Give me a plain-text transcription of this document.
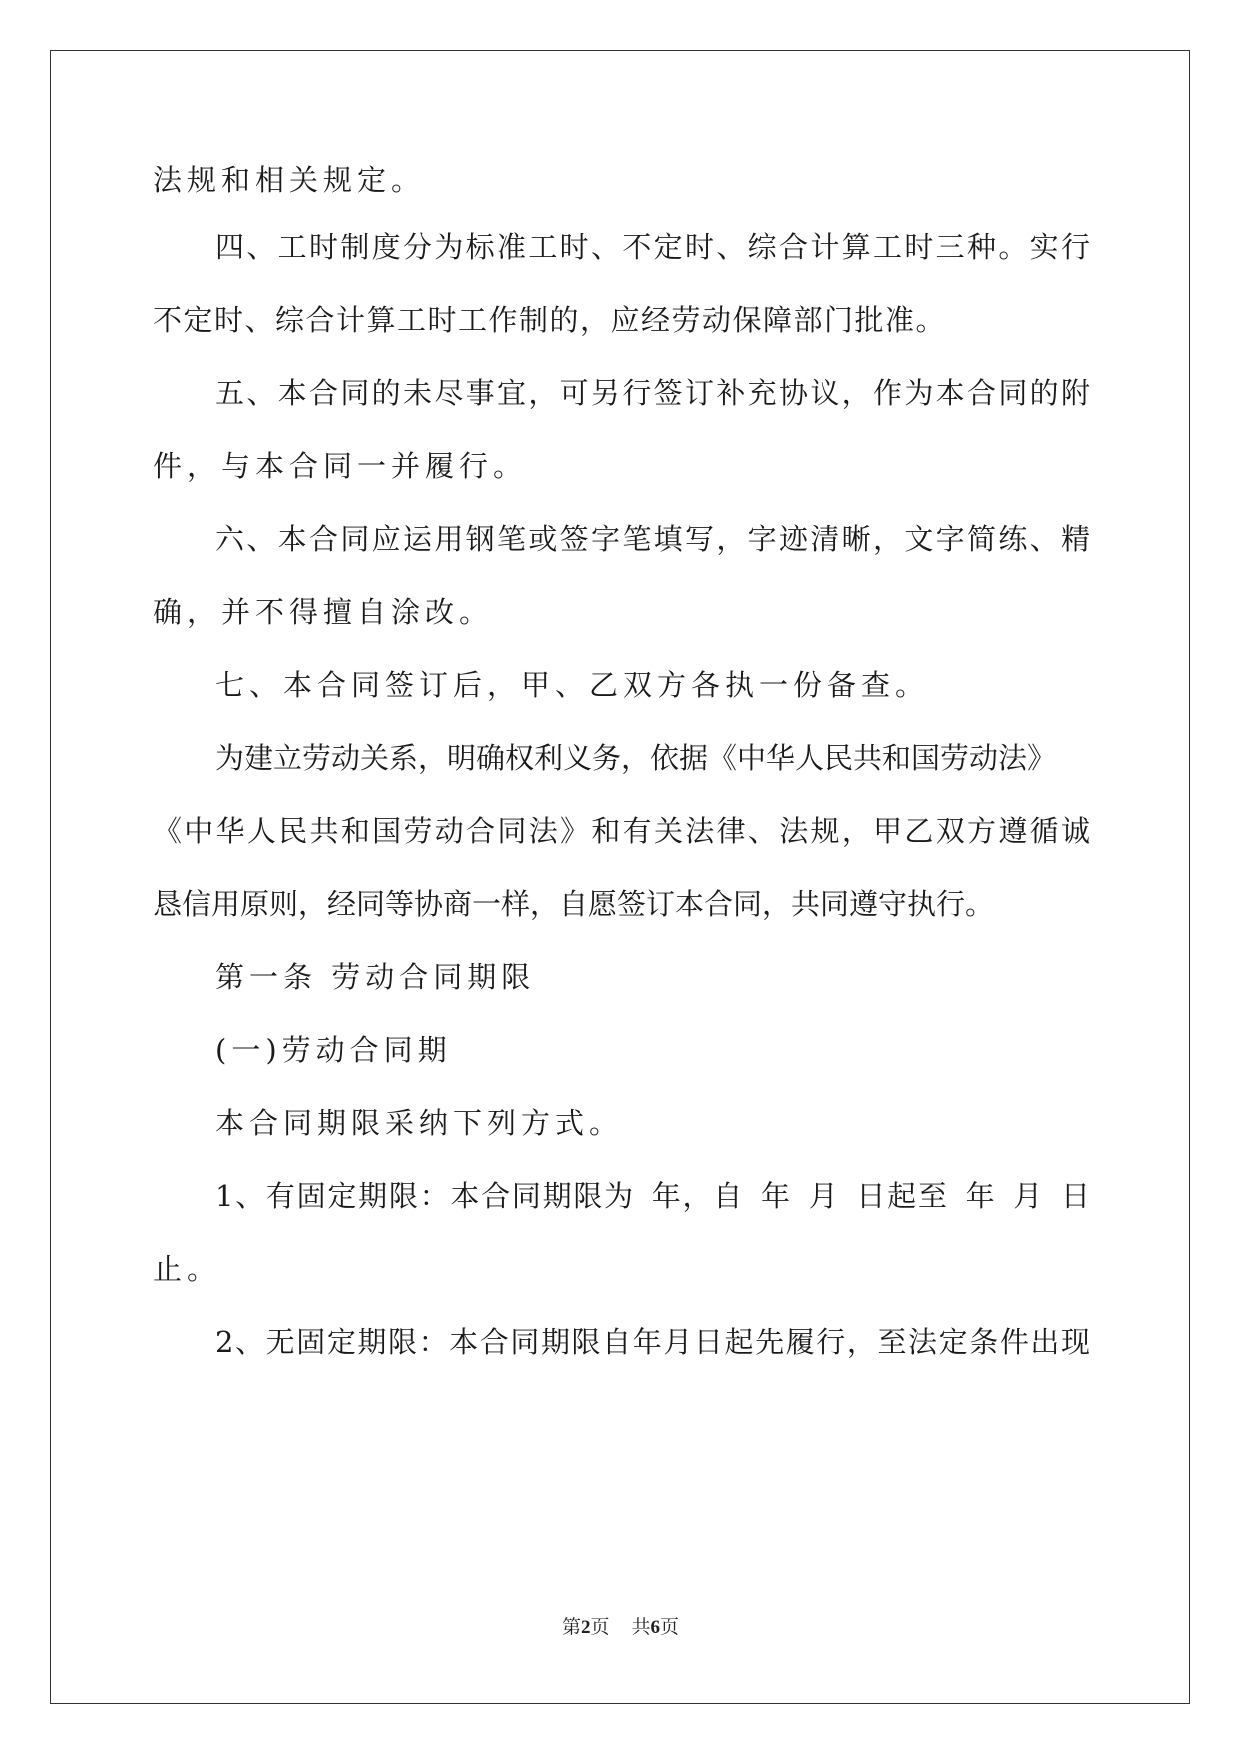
法规和相关规定。
四、工时制度分为标准工时、不定时、综合计算工时三种。实行
不定时、综合计算工时工作制的，应经劳动保障部门批准。
五、本合同的未尽事宜，可另行签订补充协议，作为本合同的附
件，与本合同一并履行。
六、本合同应运用钢笔或签字笔填写，字迹清晰，文字简练、精
确，并不得擅自涂改。
七、本合同签订后，甲、乙双方各执一份备查。
为建立劳动关系，明确权利义务，依据《中华人民共和国劳动法》
《中华人民共和国劳动合同法》和有关法律、法规，甲乙双方遵循诚
恳信用原则，经同等协商一样，自愿签订本合同，共同遵守执行。
第一条 劳动合同期限
(一)劳动合同期
本合同期限采纳下列方式。
1、有固定期限：本合同期限为 年，自 年 月 日起至 年 月 日
止。
2、无固定期限：本合同期限自年月日起先履行，至法定条件出现
第2页 共6页
